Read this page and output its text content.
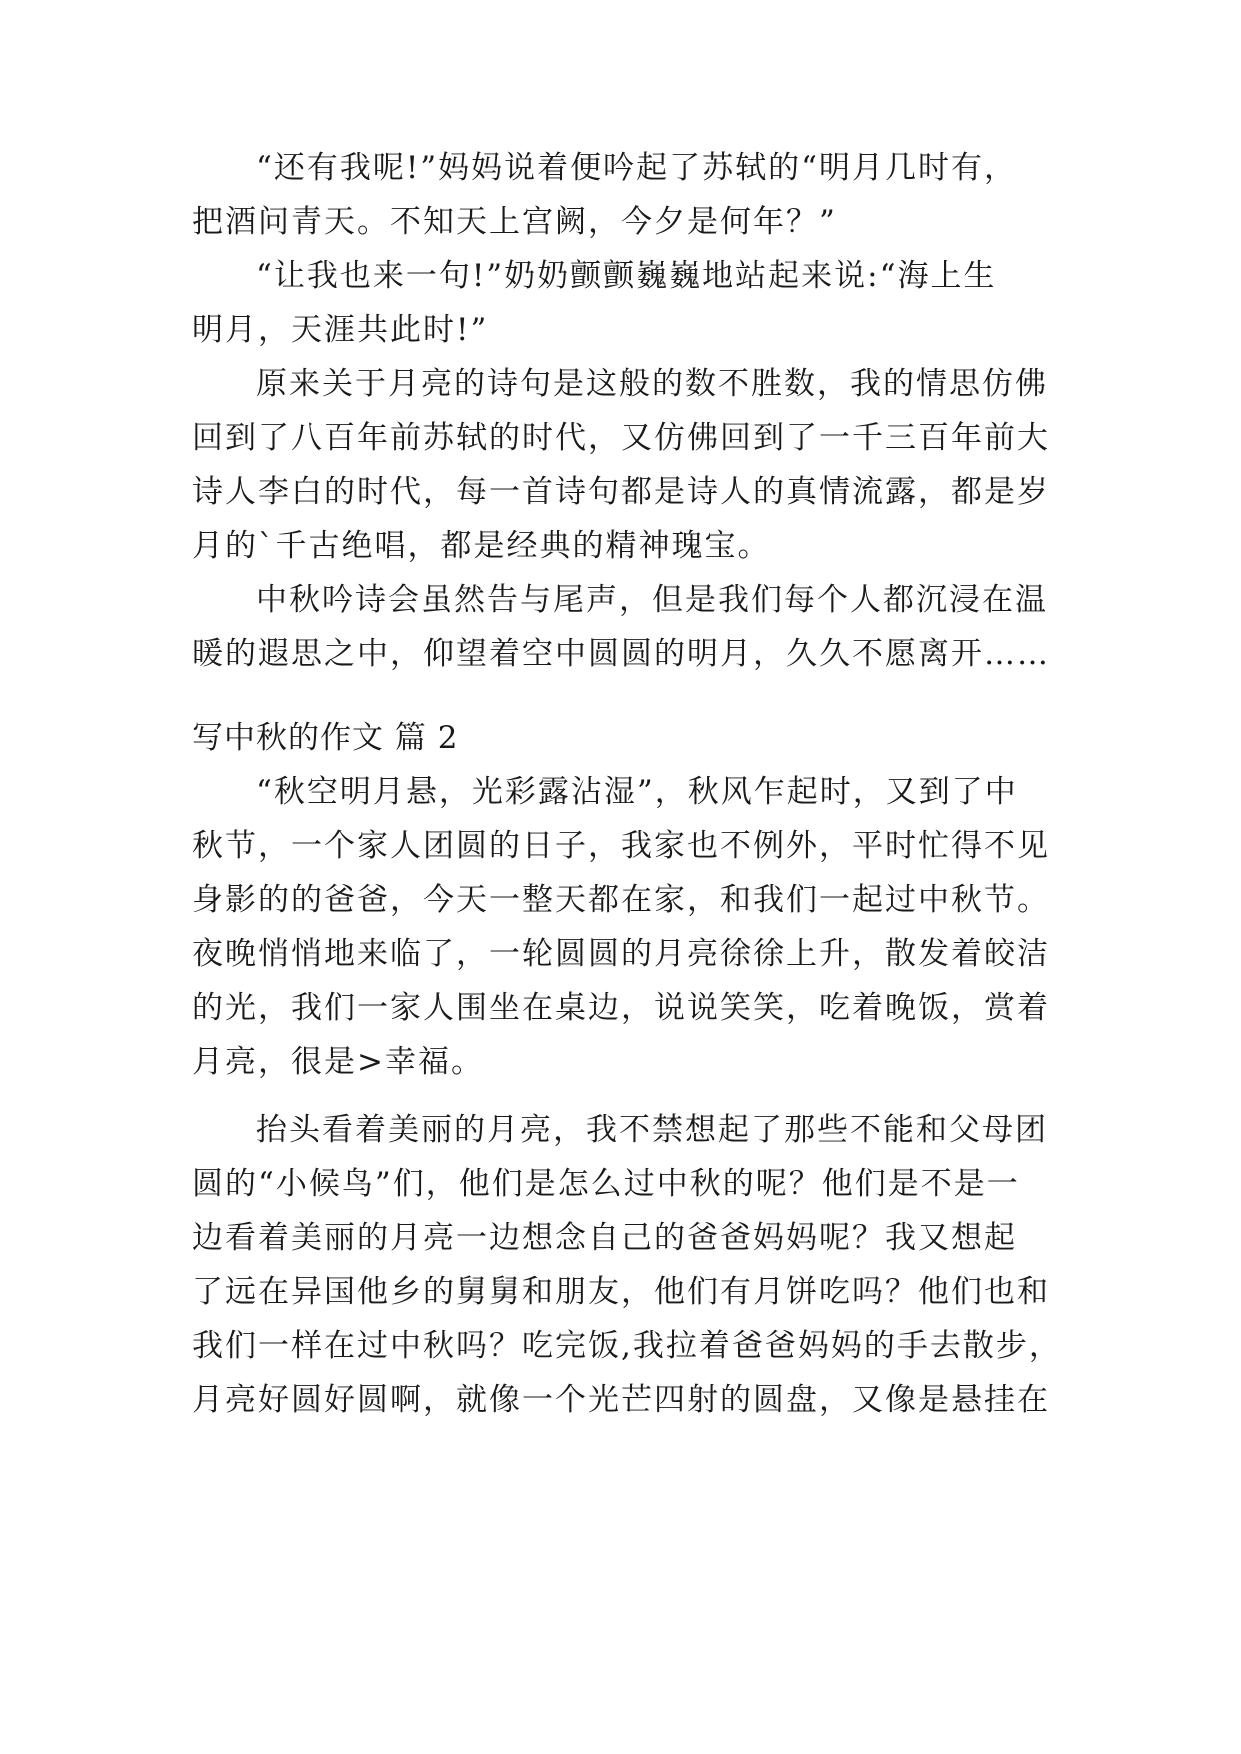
“还有我呢!”妈妈说着便吟起了苏轼的“明月几时有，
把酒问青天。不知天上宫阙，今夕是何年？”
“让我也来一句!”奶奶颤颤巍巍地站起来说:“海上生
明月，天涯共此时!”
原来关于月亮的诗句是这般的数不胜数，我的情思仿佛
回到了八百年前苏轼的时代，又仿佛回到了一千三百年前大
诗人李白的时代，每一首诗句都是诗人的真情流露，都是岁
月的`千古绝唱，都是经典的精神瑰宝。
中秋吟诗会虽然告与尾声，但是我们每个人都沉浸在温
暖的遐思之中，仰望着空中圆圆的明月，久久不愿离开……
写中秋的作文 篇 2
“秋空明月悬，光彩露沾湿”，秋风乍起时，又到了中
秋节，一个家人团圆的日子，我家也不例外，平时忙得不见
身影的的爸爸，今天一整天都在家，和我们一起过中秋节。
夜晚悄悄地来临了，一轮圆圆的月亮徐徐上升，散发着皎洁
的光，我们一家人围坐在桌边，说说笑笑，吃着晚饭，赏着
月亮，很是>幸福。
抬头看着美丽的月亮，我不禁想起了那些不能和父母团
圆的“小候鸟”们，他们是怎么过中秋的呢？他们是不是一
边看着美丽的月亮一边想念自己的爸爸妈妈呢？我又想起
了远在异国他乡的舅舅和朋友，他们有月饼吃吗？他们也和
我们一样在过中秋吗？吃完饭,我拉着爸爸妈妈的手去散步，
月亮好圆好圆啊，就像一个光芒四射的圆盘，又像是悬挂在
